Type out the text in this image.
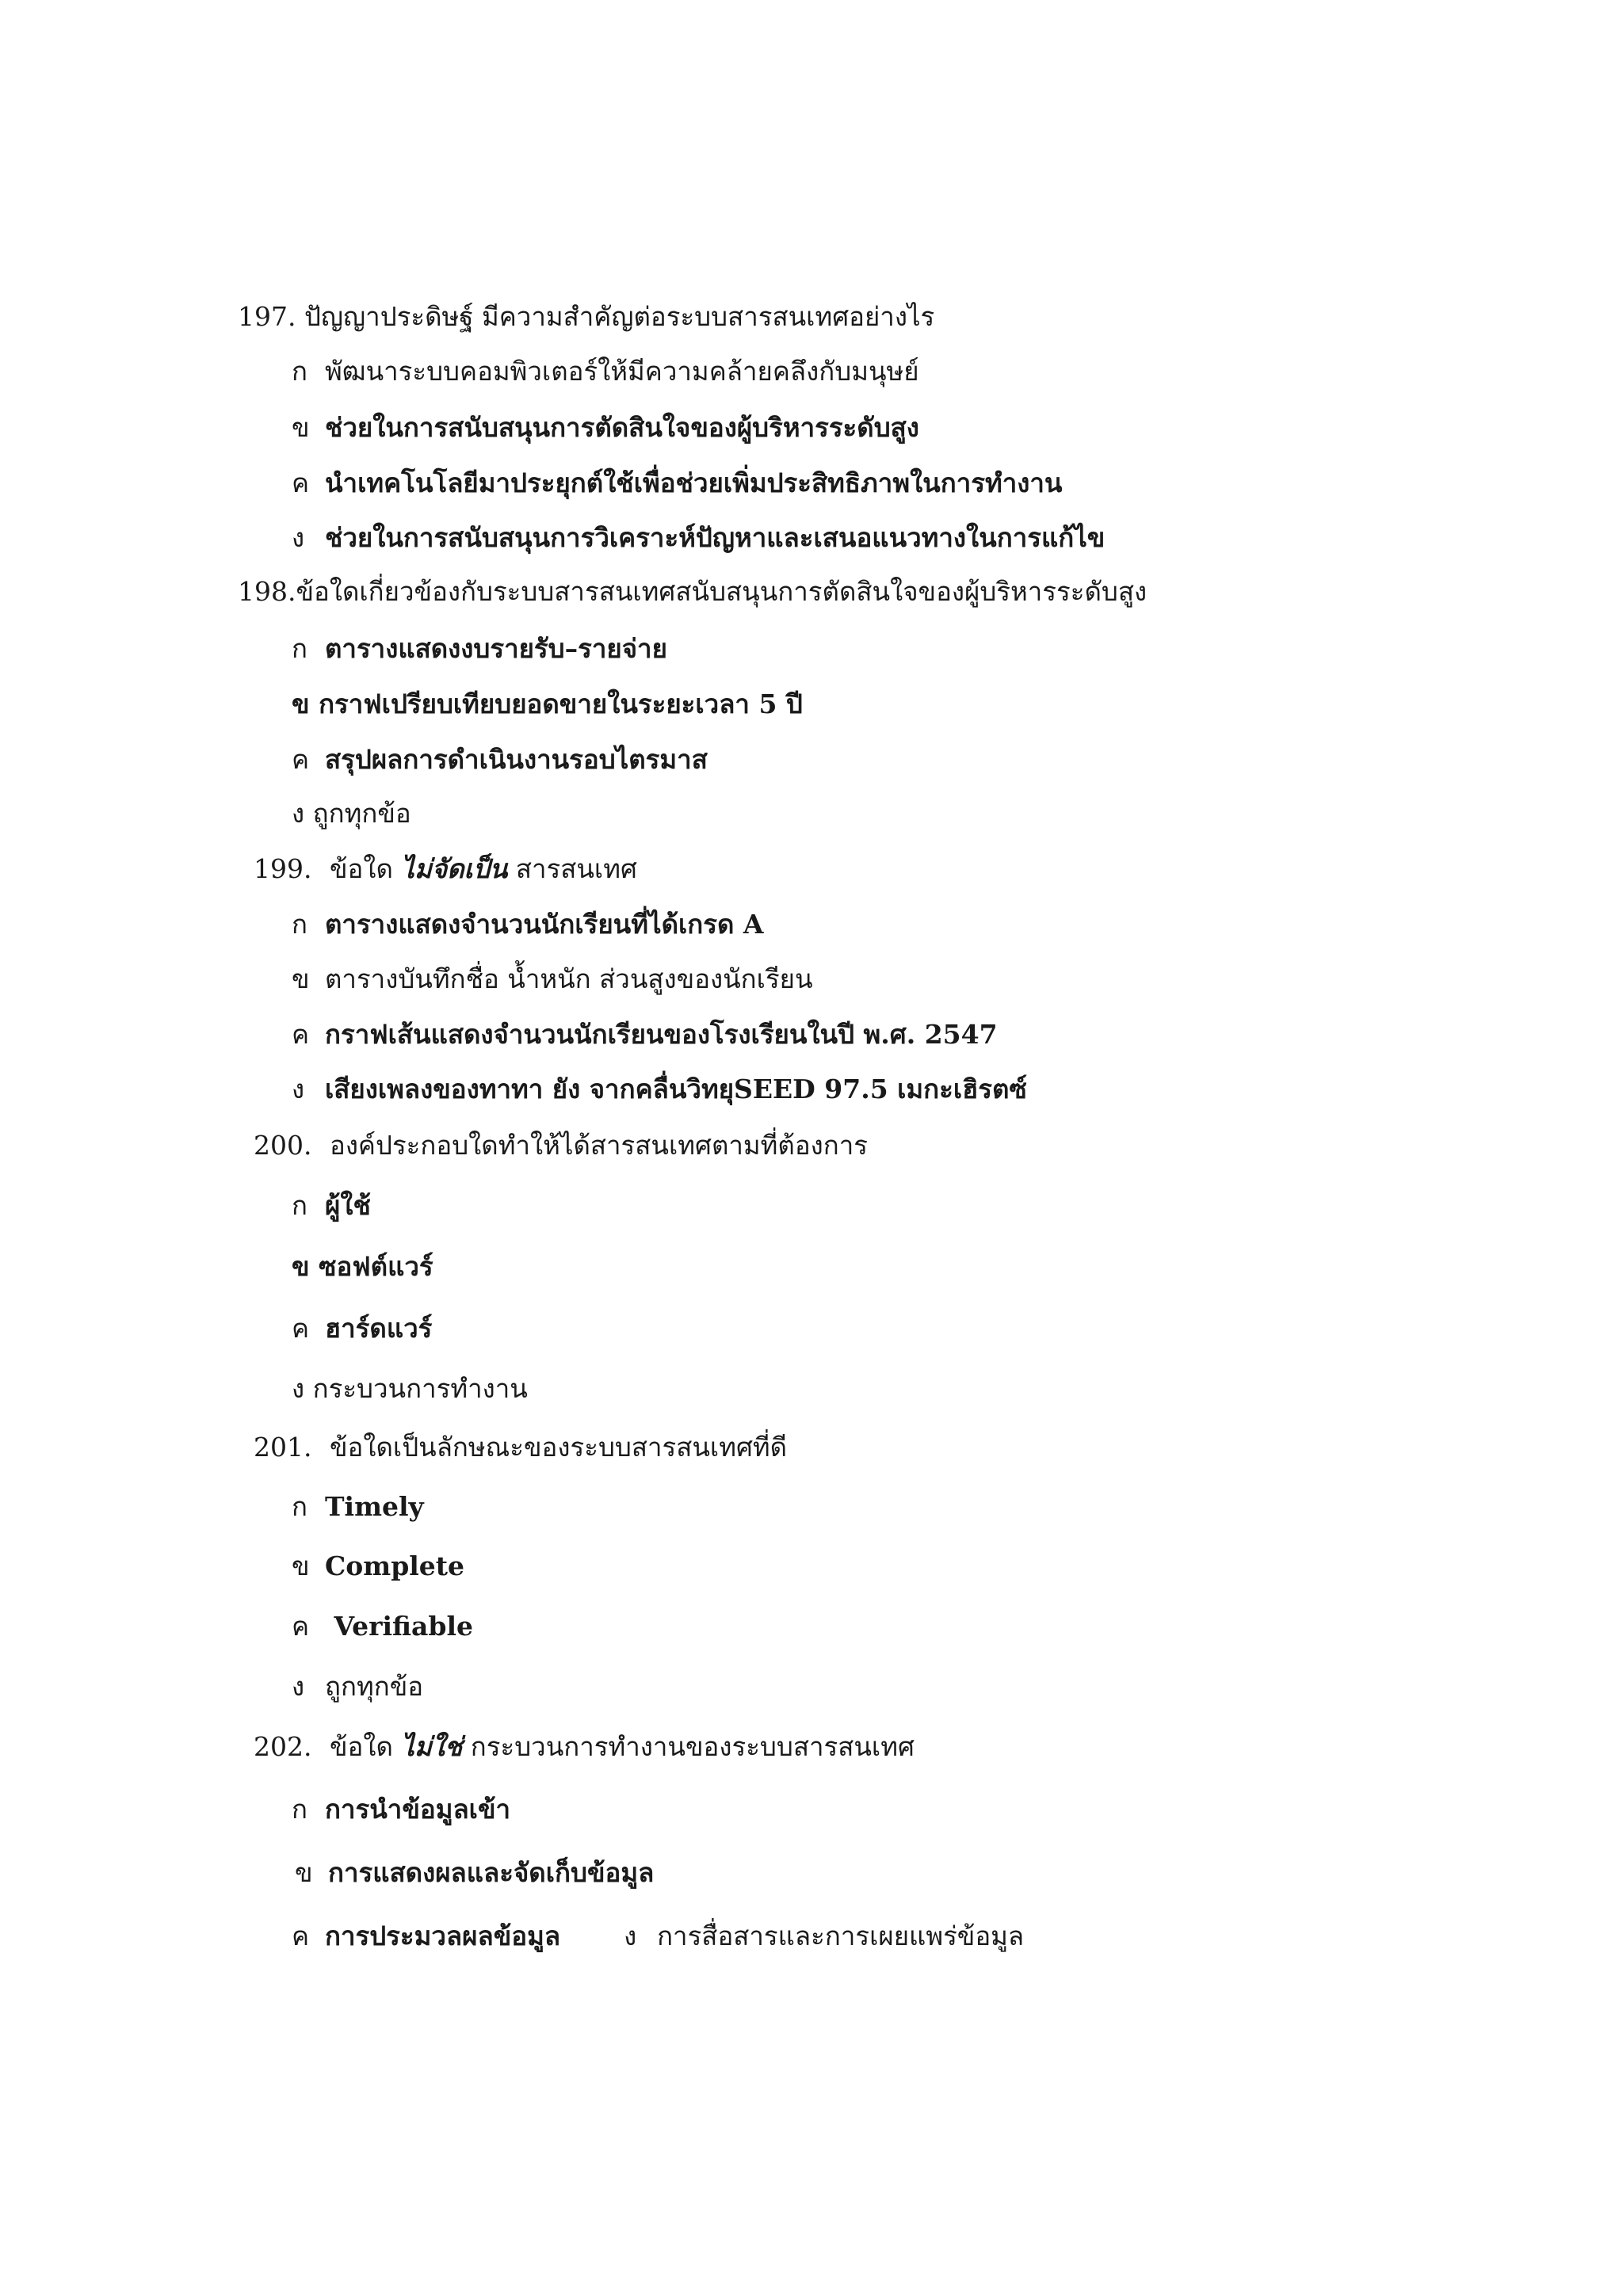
197. ปัญญาประดิษฐ์ มีความสำคัญต่อระบบสารสนเทศอย่างไร
ก พัฒนาระบบคอมพิวเตอร์ให้มีความคล้ายคลึงกับมนุษย์
ข ช่วยในการสนับสนุนการตัดสินใจของผู้บริหารระดับสูง
ค นำเทคโนโลยีมาประยุกต์ใช้เพื่อช่วยเพิ่มประสิทธิภาพในการทำงาน
ง ช่วยในการสนับสนุนการวิเคราะห์ปัญหาและเสนอแนวทางในการแก้ไข
198.ข้อใดเกี่ยวข้องกับระบบสารสนเทศสนับสนุนการตัดสินใจของผู้บริหารระดับสูง
ก ตารางแสดงงบรายรับ–รายจ่าย
ข กราฟเปรียบเทียบยอดขายในระยะเวลา 5 ปี
ค สรุปผลการดำเนินงานรอบไตรมาส
ง ถูกทุกข้อ
199. ข้อใด ไม่จัดเป็น สารสนเทศ
ก ตารางแสดงจำนวนนักเรียนที่ได้เกรด A
ข ตารางบันทึกชื่อ น้ำหนัก ส่วนสูงของนักเรียน
ค กราฟเส้นแสดงจำนวนนักเรียนของโรงเรียนในปี พ.ศ. 2547
ง เสียงเพลงของทาทา ยัง จากคลื่นวิทยุSEED 97.5 เมกะเฮิรตซ์
200. องค์ประกอบใดทำให้ได้สารสนเทศตามที่ต้องการ
ก ผู้ใช้
ข ซอฟต์แวร์
ค ฮาร์ดแวร์
ง กระบวนการทำงาน
201. ข้อใดเป็นลักษณะของระบบสารสนเทศที่ดี
ก Timely
ข Complete
ค Verifiable
ง ถูกทุกข้อ
202. ข้อใด ไม่ใช่ กระบวนการทำงานของระบบสารสนเทศ
ก การนำข้อมูลเข้า
ข การแสดงผลและจัดเก็บข้อมูล
ค การประมวลผลข้อมูล ง การสื่อสารและการเผยแพร่ข้อมูล
